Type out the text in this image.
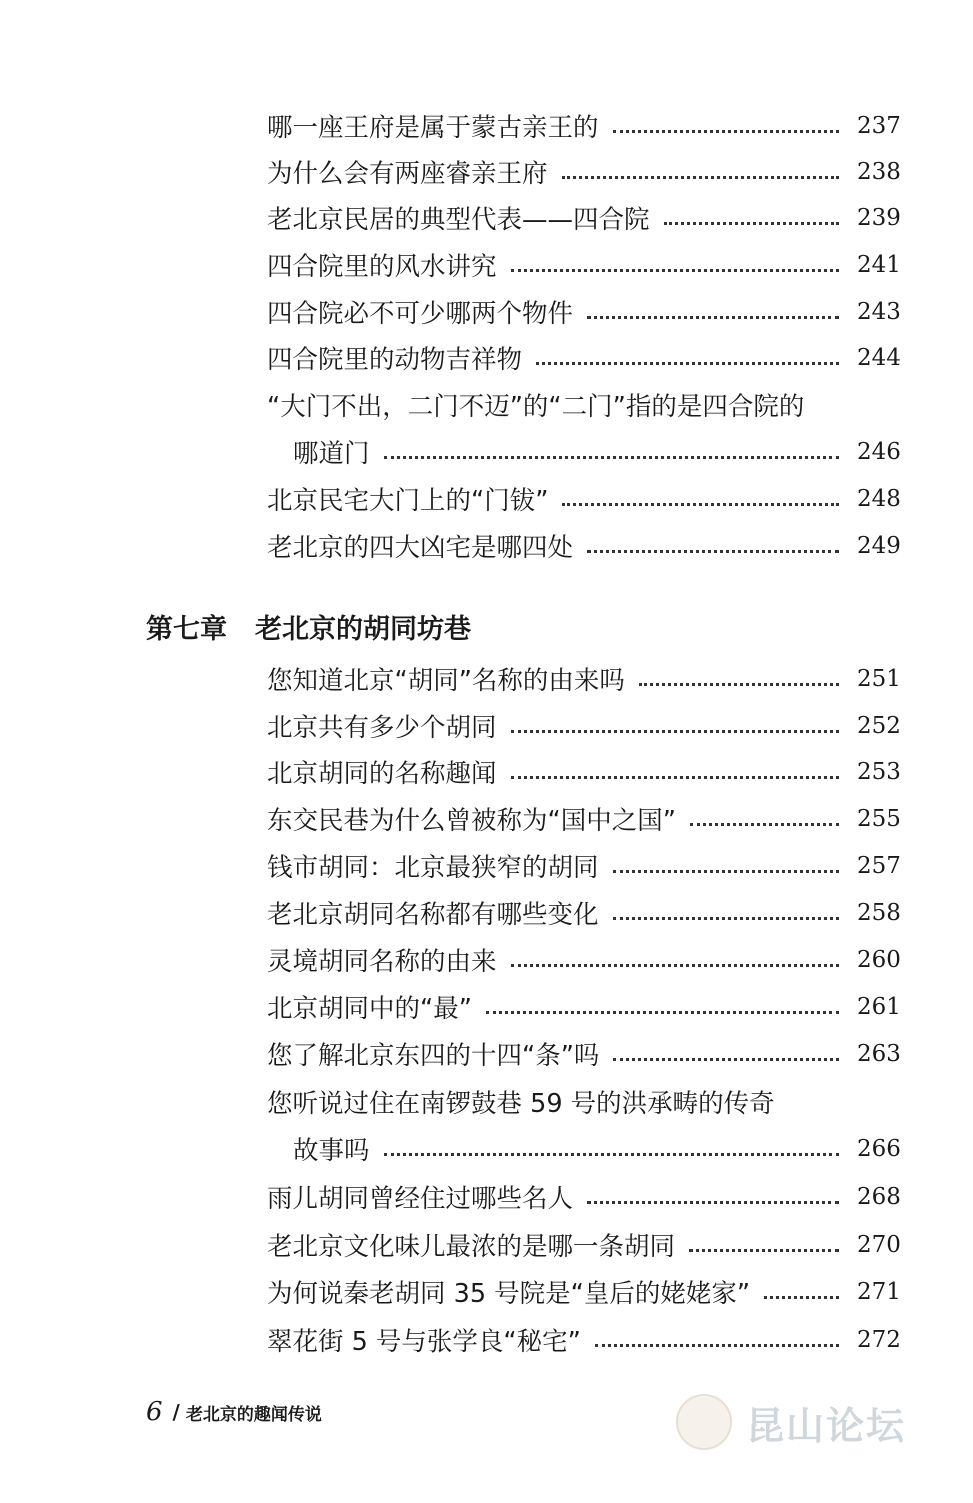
哪一座王府是属于蒙古亲王的	237
为什么会有两座睿亲王府	238
老北京民居的典型代表——四合院	239
四合院里的风水讲究	241
四合院必不可少哪两个物件	243
四合院里的动物吉祥物	244
“大门不出，二门不迈”的“二门”指的是四合院的
哪道门	246
北京民宅大门上的“门钹”	248
老北京的四大凶宅是哪四处	249
第七章 老北京的胡同坊巷
您知道北京“胡同”名称的由来吗	251
北京共有多少个胡同	252
北京胡同的名称趣闻	253
东交民巷为什么曾被称为“国中之国”	255
钱市胡同：北京最狭窄的胡同	257
老北京胡同名称都有哪些变化	258
灵境胡同名称的由来	260
北京胡同中的“最”	261
您了解北京东四的十四“条”吗	263
您听说过住在南锣鼓巷 59 号的洪承畴的传奇
故事吗	266
雨儿胡同曾经住过哪些名人	268
老北京文化味儿最浓的是哪一条胡同	270
为何说秦老胡同 35 号院是“皇后的姥姥家”	271
翠花街 5 号与张学良“秘宅”	272
6 / 老北京的趣闻传说	昆山论坛
